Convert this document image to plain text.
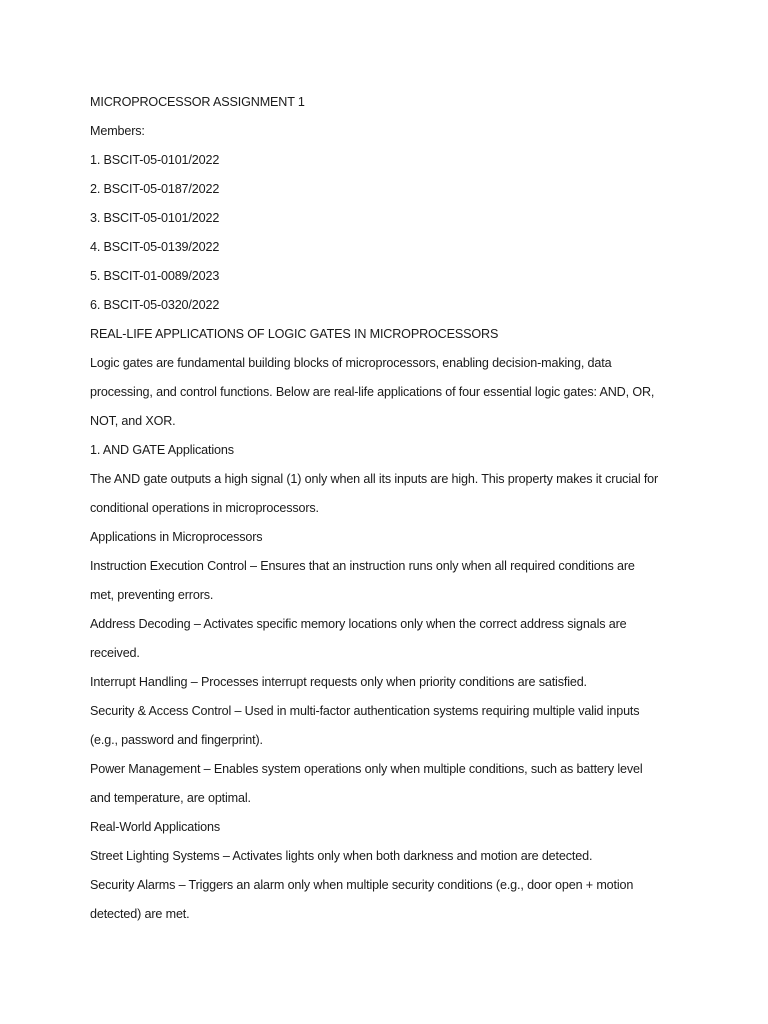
MICROPROCESSOR ASSIGNMENT 1
Members:
1. BSCIT-05-0101/2022
2. BSCIT-05-0187/2022
3. BSCIT-05-0101/2022
4. BSCIT-05-0139/2022
5. BSCIT-01-0089/2023
6. BSCIT-05-0320/2022
REAL-LIFE APPLICATIONS OF LOGIC GATES IN MICROPROCESSORS
Logic gates are fundamental building blocks of microprocessors, enabling decision-making, data
processing, and control functions. Below are real-life applications of four essential logic gates: AND, OR,
NOT, and XOR.
1. AND GATE Applications
The AND gate outputs a high signal (1) only when all its inputs are high. This property makes it crucial for
conditional operations in microprocessors.
Applications in Microprocessors
Instruction Execution Control – Ensures that an instruction runs only when all required conditions are
met, preventing errors.
Address Decoding – Activates specific memory locations only when the correct address signals are
received.
Interrupt Handling – Processes interrupt requests only when priority conditions are satisfied.
Security & Access Control – Used in multi-factor authentication systems requiring multiple valid inputs
(e.g., password and fingerprint).
Power Management – Enables system operations only when multiple conditions, such as battery level
and temperature, are optimal.
Real-World Applications
Street Lighting Systems – Activates lights only when both darkness and motion are detected.
Security Alarms – Triggers an alarm only when multiple security conditions (e.g., door open + motion
detected) are met.
